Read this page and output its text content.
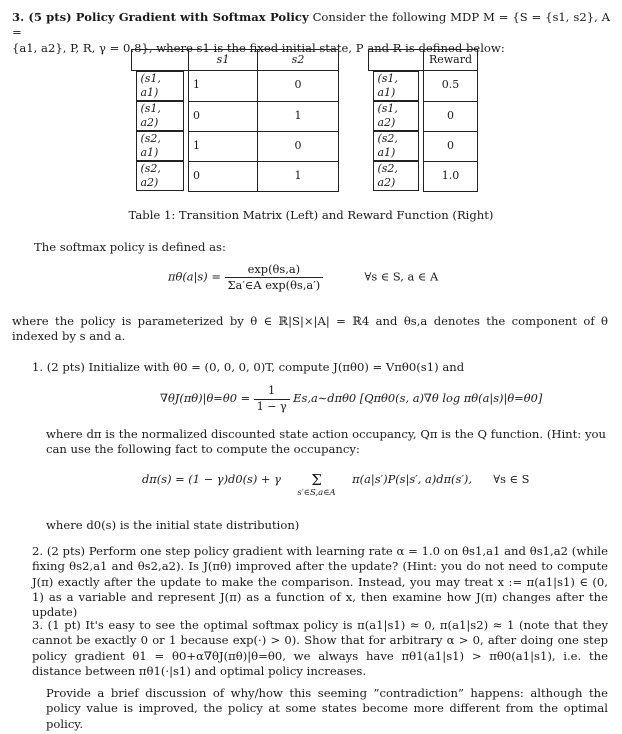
3. (5 pts) Policy Gradient with Softmax Policy Consider the following MDP M = {S = {s1, s2}, A =
{a1, a2}, P, R, γ = 0.8}, where s1 is the fixed initial state, P and R is defined below:
	s1	s2
(s1, a1)	1	0
(s1, a2)	0	1
(s2, a1)	1	0
(s2, a2)	0	1
	Reward
(s1, a1)	0.5
(s1, a2)	0
(s2, a1)	0
(s2, a2)	1.0
Table 1: Transition Matrix (Left) and Reward Function (Right)
The softmax policy is defined as:
$\pi\theta(a|s) = \frac{\exp(\theta s,a)}{\text{Σa′∈A exp(θs,a′)}}$	∀s ∈ S, a ∈ A
where the policy is parameterized by θ ∈ ℝ|S|×|A| = ℝ4 and θs,a denotes the component of θ indexed by s and a.
1. (2 pts) Initialize with θ0 = (0, 0, 0, 0)T, compute J(πθ0) = Vπθ0(s1) and
$\nabla\theta J(\pi\theta)|\theta=\theta 0 = \frac{1}{1 - \gamma}$ Es,a∼dπθ0 [Qπθ0(s, a)∇θ log πθ(a|s)|θ=θ0]
where dπ is the normalized discounted state action occupancy, Qπ is the Q function. (Hint: you can use the following fact to compute the occupancy:
dπ(s) = (1 − γ)d0(s) + γ	Σ
s′∈S,a∈A
π(a|s′)P(s|s′, a)dπ(s′), ∀s ∈ S
where d0(s) is the initial state distribution)
2. (2 pts) Perform one step policy gradient with learning rate α = 1.0 on θs1,a1 and θs1,a2 (while fixing θs2,a1 and θs2,a2). Is J(πθ) improved after the update? (Hint: you do not need to compute J(π) exactly after the update to make the comparison. Instead, you may treat x := π(a1|s1) ∈ (0, 1) as a variable and represent J(π) as a function of x, then examine how J(π) changes after the update)
3. (1 pt) It's easy to see the optimal softmax policy is π(a1|s1) ≈ 0, π(a1|s2) ≈ 1 (note that they cannot be exactly 0 or 1 because exp(·) > 0). Show that for arbitrary α > 0, after doing one step policy gradient θ1 = θ0+α∇θJ(πθ)|θ=θ0, we always have πθ1(a1|s1) > πθ0(a1|s1), i.e. the distance between πθ1(·|s1) and optimal policy increases.
Provide a brief discussion of why/how this seeming ”contradiction” happens: although the policy value is improved, the policy at some states become more different from the optimal policy.
